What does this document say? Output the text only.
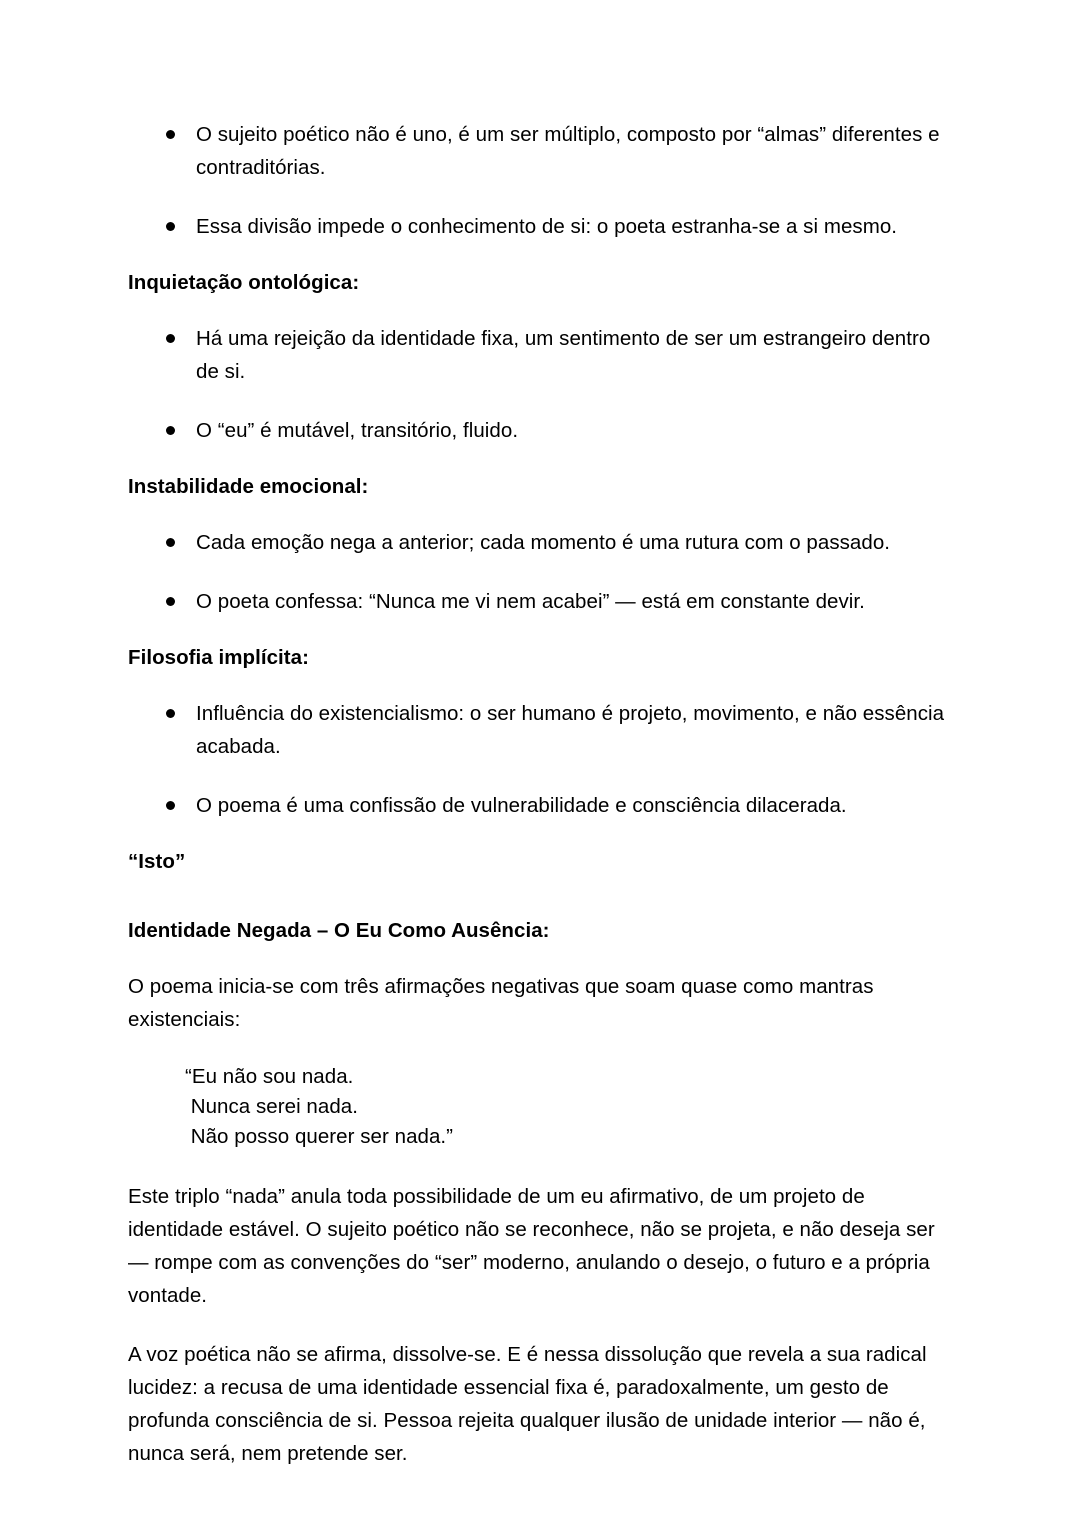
O sujeito poético não é uno, é um ser múltiplo, composto por “almas” diferentes e contraditórias.
Essa divisão impede o conhecimento de si: o poeta estranha-se a si mesmo.
Inquietação ontológica:
Há uma rejeição da identidade fixa, um sentimento de ser um estrangeiro dentro de si.
O “eu” é mutável, transitório, fluido.
Instabilidade emocional:
Cada emoção nega a anterior; cada momento é uma rutura com o passado.
O poeta confessa: “Nunca me vi nem acabei” — está em constante devir.
Filosofia implícita:
Influência do existencialismo: o ser humano é projeto, movimento, e não essência acabada.
O poema é uma confissão de vulnerabilidade e consciência dilacerada.
“Isto”
Identidade Negada – O Eu Como Ausência:

O poema inicia-se com três afirmações negativas que soam quase como mantras existenciais:

“Eu não sou nada.
Nunca serei nada.
Não posso querer ser nada.”

Este triplo “nada” anula toda possibilidade de um eu afirmativo, de um projeto de identidade estável. O sujeito poético não se reconhece, não se projeta, e não deseja ser — rompe com as convenções do “ser” moderno, anulando o desejo, o futuro e a própria vontade.

A voz poética não se afirma, dissolve-se. E é nessa dissolução que revela a sua radical lucidez: a recusa de uma identidade essencial fixa é, paradoxalmente, um gesto de profunda consciência de si. Pessoa rejeita qualquer ilusão de unidade interior — não é, nunca será, nem pretende ser.
